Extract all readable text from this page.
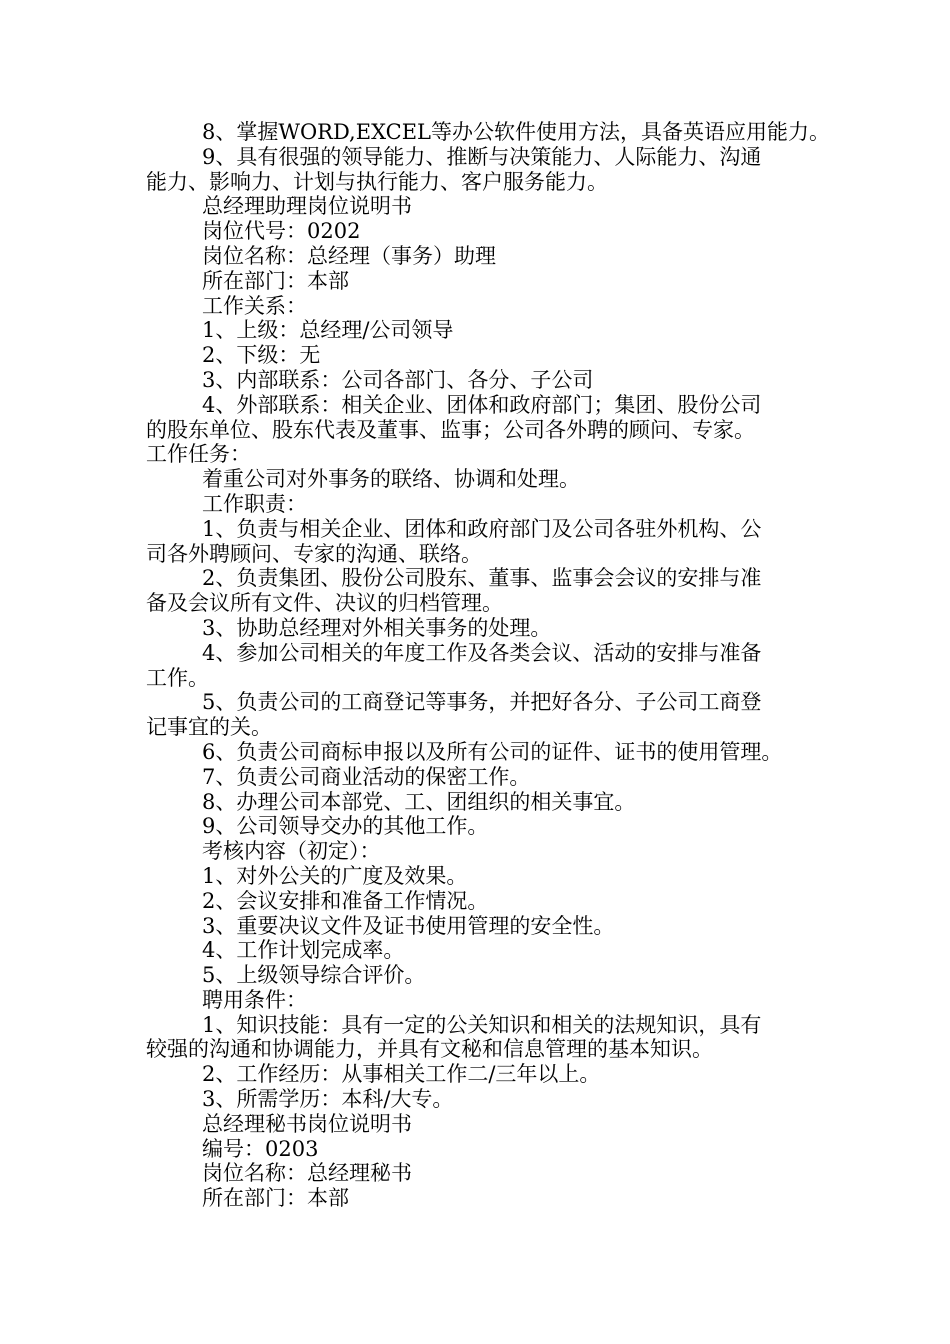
8、掌握WORD,EXCEL等办公软件使用方法，具备英语应用能力。

9、具有很强的领导能力、推断与决策能力、人际能力、沟通

能力、影响力、计划与执行能力、客户服务能力。

总经理助理岗位说明书

岗位代号：0202

岗位名称：总经理（事务）助理

所在部门：本部

工作关系：

1、上级：总经理/公司领导

2、下级：无

3、内部联系：公司各部门、各分、子公司

4、外部联系：相关企业、团体和政府部门；集团、股份公司

的股东单位、股东代表及董事、监事；公司各外聘的顾问、专家。

工作任务：

着重公司对外事务的联络、协调和处理。

工作职责：

1、负责与相关企业、团体和政府部门及公司各驻外机构、公

司各外聘顾问、专家的沟通、联络。

2、负责集团、股份公司股东、董事、监事会会议的安排与准

备及会议所有文件、决议的归档管理。

3、协助总经理对外相关事务的处理。

4、参加公司相关的年度工作及各类会议、活动的安排与准备

工作。

5、负责公司的工商登记等事务，并把好各分、子公司工商登

记事宜的关。

6、负责公司商标申报以及所有公司的证件、证书的使用管理。

7、负责公司商业活动的保密工作。

8、办理公司本部党、工、团组织的相关事宜。

9、公司领导交办的其他工作。

考核内容（初定）：

1、对外公关的广度及效果。

2、会议安排和准备工作情况。

3、重要决议文件及证书使用管理的安全性。

4、工作计划完成率。

5、上级领导综合评价。

聘用条件：

1、知识技能：具有一定的公关知识和相关的法规知识，具有

较强的沟通和协调能力，并具有文秘和信息管理的基本知识。

2、工作经历：从事相关工作二/三年以上。

3、所需学历：本科/大专。

总经理秘书岗位说明书

编号：0203

岗位名称：总经理秘书

所在部门：本部
